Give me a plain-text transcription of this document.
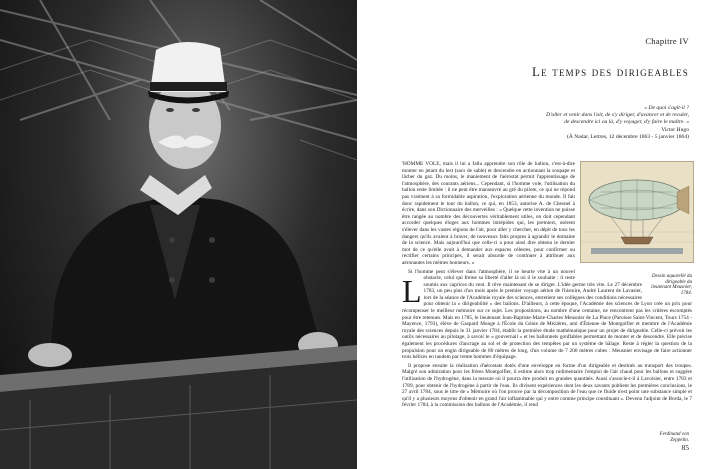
Chapitre IV
Le temps des dirigeables
« De quoi s'agit-il ?
D'aller et venir dans l'air, de s'y diriger, d'avancer et de reculer,
de descendre ici ou là, d'y voyager, d'y faire le maître. »
Victor Hugo
(À Nadar, Lettres, 12 décembre 1863 - 5 janvier 1864)
Dessin aquarellé du dirigeable du lieutenant Meusnier, 1784.

L
'HOMME VOLE, mais il lui a fallu apprendre son rôle de ludion, c'est-à-dire monter en jetant du lest (sacs de sable) et descendre en actionnant la soupape et lâcher du gaz. Du moins, le maniement de l'aérostat permit l'apprentissage de l'atmosphère, des courants aériens... Cependant, si l'homme vole, l'utilisation du ballon reste limitée : il ne peut être manœuvré au gré du pilote, ce qui ne répond pas vraiment à sa formidable aspiration, l'exploration aérienne du monde. Il fait donc rapidement le tour du ballon, ce qui, en 1853, autorise A. de Chesnel à écrire, dans son Dictionnaire des merveilles : « Quelque cette invention ne puisse être rangée au nombre des découvertes véritablement utiles, on doit cependant accorder quelques éloges aux hommes intrépides qui, les premiers, osèrent s'élever dans les vastes régions de l'air, pour aller y chercher, en dépit de tous les dangers qu'ils avaient à braver, de nouveaux faits propres à agrandir le domaine de la science. Mais aujourd'hui que celle-ci a pour ainsi dire obtenu le dernier mot de ce qu'elle avait à demander aux espaces célestes, pour confirmer ou rectifier certains principes, il serait absurde de continuer à attribuer aux aéronautes les mêmes honneurs. »

Si l'homme peut s'élever dans l'atmosphère, il se heurte vite à un nouvel obstacle, celui qui freine sa liberté d'aller là où il le souhaite : il reste soumis aux caprices du vent. Il rêve maintenant de se diriger. L'idée germe très vite. Le 27 décembre 1783, un peu plus d'un mois après le premier voyage aérien de l'histoire, André Laurent de Lavasier, lors de la séance de l'Académie royale des sciences, entretient ses collègues des conditions nécessaires pour obtenir la « dirigeabilité » des ballons. D'ailleurs, à cette époque, l'Académie des sciences de Lyon crée un prix pour récompenser le meilleur mémoire sur ce sujet. Les propositions, au nombre d'une centaine, ne rencontrent pas les critères escomptés pour être retenues. Mais en 1785, le lieutenant Jean-Baptiste-Marie-Charles Meusnier de La Place (Paroisse Saint-Vincent, Tours 1754 - Mayence, 1793), élève de Gaspard Monge à l'École du Génie de Mézières, ami d'Étienne de Montgolfier et membre de l'Académie royale des sciences depuis le 31 janvier 1784, établit la première étude mathématique pour un projet de dirigeable. Celle-ci prévoit les outils nécessaires au pilotage, à savoir le « gouvernail » et les ballonnets gonflables permettant de monter et de descendre. Elle précise également les procédures d'ancrage au sol et de protection des tempêtes par un système de hâlage. Reste à régler la question de la propulsion pour un engin dirigeable de 80 mètres de long, d'un volume de 7 200 mètres cubes : Meusnier envisage de faire actionner trois hélices en tandem par trente hommes d'équipage.

Il propose ensuite la réalisation d'aérostats dotés d'une enveloppe en forme d'un dirigeable et destinés au transport des troupes. Malgré son admiration pour les frères Montgolfier, il estime alors trop rudimentaire l'emploi de l'air chaud pour les ballons et suggère l'utilisation de l'hydrogène, dans la mesure où il pourra être produit en grandes quantités. Aussi s'associe-t-il à Lavoisier, entre 1783 et 1789, pour obtenir de l'hydrogène à partir de l'eau. Ils divisent expériences dont les deux savants publient les premières conclusions, le 27 avril 1784, sous le titre de « Mémoire où l'on prouve par la décomposition de l'eau que ce fluide n'est point une substance simple et qu'il y a plusieurs moyens d'obtenir en grand l'air inflammable qui y entre comme principe constituant ». Devenu l'adjoint de Borda, le 7 février 1784, à la commission des ballons de l'Académie, il rend

Ferdinand von Zeppelin.
85
